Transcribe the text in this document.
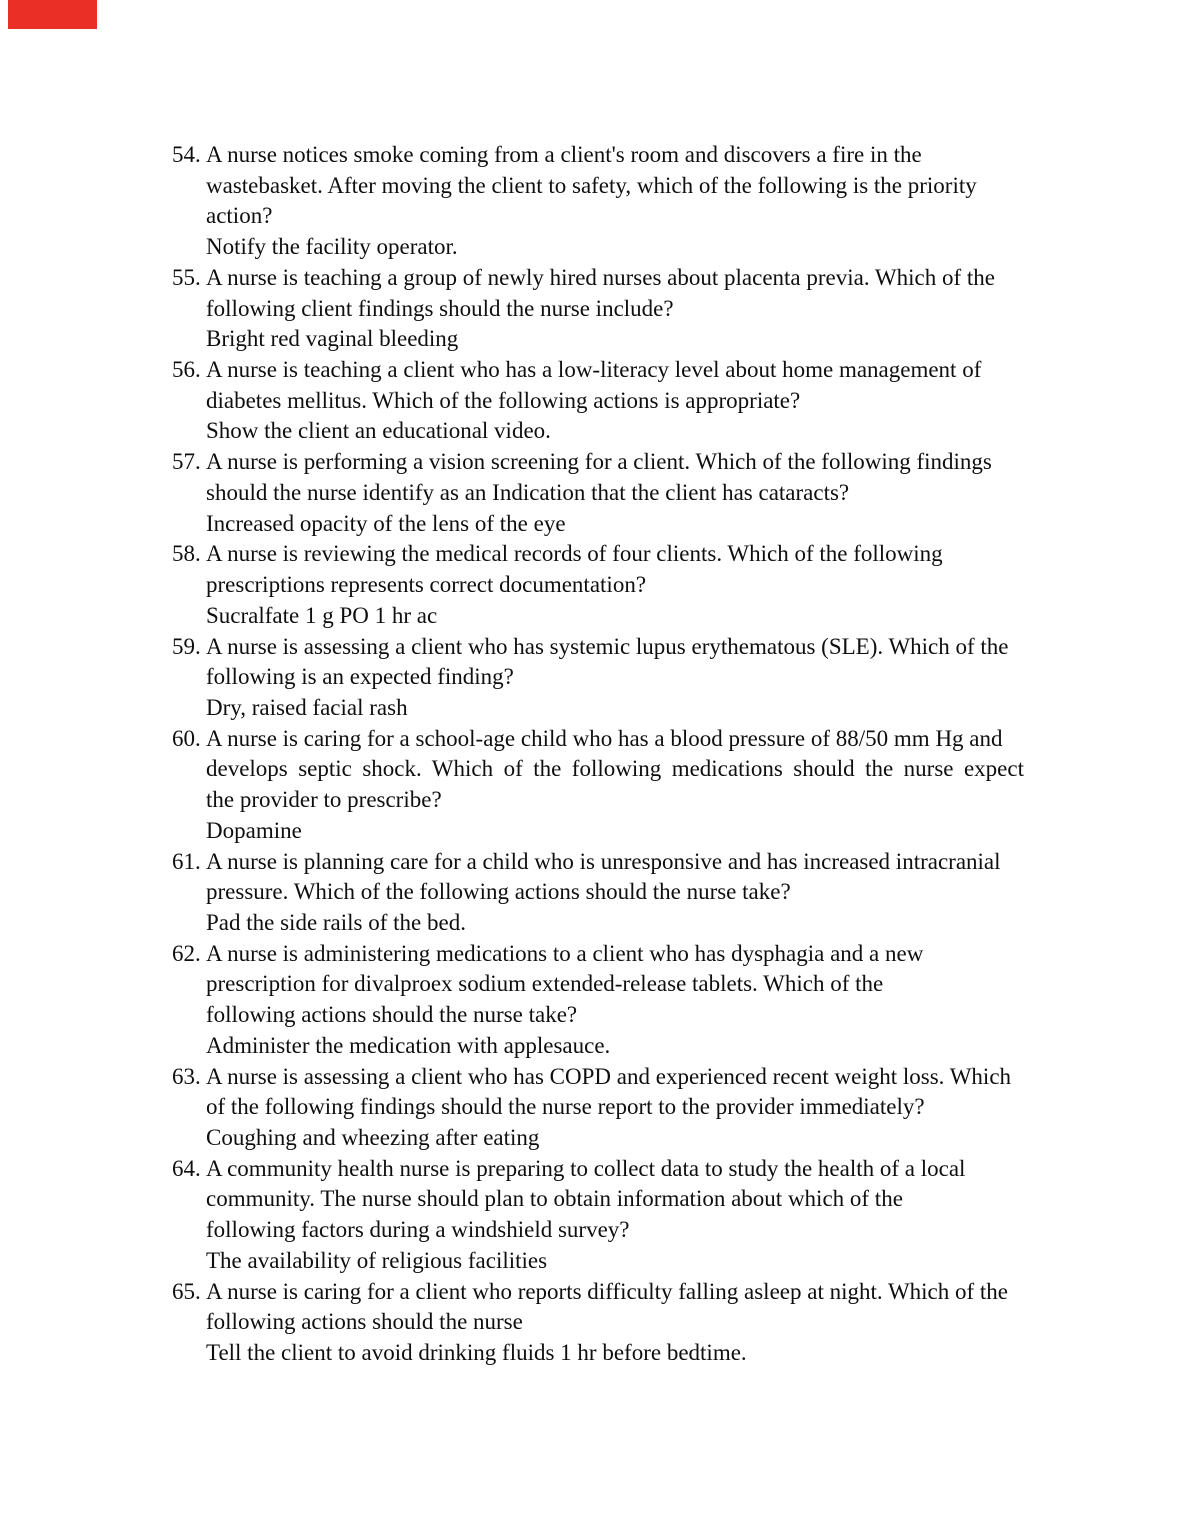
54. A nurse notices smoke coming from a client's room and discovers a fire in the
wastebasket. After moving the client to safety, which of the following is the priority
action?
Notify the facility operator.
55. A nurse is teaching a group of newly hired nurses about placenta previa. Which of the
following client findings should the nurse include?
Bright red vaginal bleeding
56. A nurse is teaching a client who has a low-literacy level about home management of
diabetes mellitus. Which of the following actions is appropriate?
Show the client an educational video.
57. A nurse is performing a vision screening for a client. Which of the following findings
should the nurse identify as an Indication that the client has cataracts?
Increased opacity of the lens of the eye
58. A nurse is reviewing the medical records of four clients. Which of the following
prescriptions represents correct documentation?
Sucralfate 1 g PO 1 hr ac
59. A nurse is assessing a client who has systemic lupus erythematous (SLE). Which of the
following is an expected finding?
Dry, raised facial rash
60. A nurse is caring for a school-age child who has a blood pressure of 88/50 mm Hg and
develops septic shock. Which of the following medications should the nurse expect
the provider to prescribe?
Dopamine
61. A nurse is planning care for a child who is unresponsive and has increased intracranial
pressure. Which of the following actions should the nurse take?
Pad the side rails of the bed.
62. A nurse is administering medications to a client who has dysphagia and a new
prescription for divalproex sodium extended-release tablets. Which of the
following actions should the nurse take?
Administer the medication with applesauce.
63. A nurse is assessing a client who has COPD and experienced recent weight loss. Which
of the following findings should the nurse report to the provider immediately?
Coughing and wheezing after eating
64. A community health nurse is preparing to collect data to study the health of a local
community. The nurse should plan to obtain information about which of the
following factors during a windshield survey?
The availability of religious facilities
65. A nurse is caring for a client who reports difficulty falling asleep at night. Which of the
following actions should the nurse
Tell the client to avoid drinking fluids 1 hr before bedtime.
